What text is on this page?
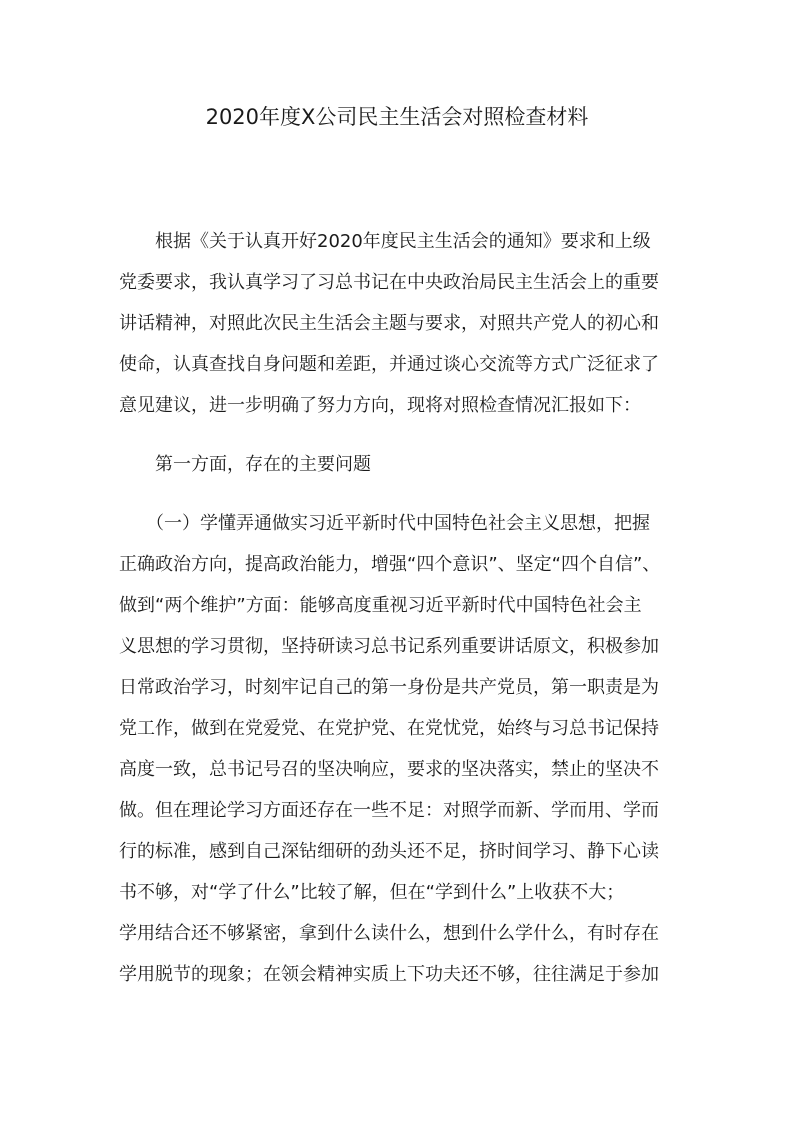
2020年度X公司民主生活会对照检查材料
　　根据《关于认真开好2020年度民主生活会的通知》要求和上级
党委要求，我认真学习了习总书记在中央政治局民主生活会上的重要
讲话精神，对照此次民主生活会主题与要求，对照共产党人的初心和
使命，认真查找自身问题和差距，并通过谈心交流等方式广泛征求了
意见建议，进一步明确了努力方向，现将对照检查情况汇报如下：
　　第一方面，存在的主要问题
　　（一）学懂弄通做实习近平新时代中国特色社会主义思想，把握
正确政治方向，提高政治能力，增强“四个意识”、坚定“四个自信”、
做到“两个维护”方面：能够高度重视习近平新时代中国特色社会主
义思想的学习贯彻，坚持研读习总书记系列重要讲话原文，积极参加
日常政治学习，时刻牢记自己的第一身份是共产党员，第一职责是为
党工作，做到在党爱党、在党护党、在党忧党，始终与习总书记保持
高度一致，总书记号召的坚决响应，要求的坚决落实，禁止的坚决不
做。但在理论学习方面还存在一些不足：对照学而新、学而用、学而
行的标准，感到自己深钻细研的劲头还不足，挤时间学习、静下心读
书不够，对“学了什么”比较了解，但在“学到什么”上收获不大；
学用结合还不够紧密，拿到什么读什么，想到什么学什么，有时存在
学用脱节的现象；在领会精神实质上下功夫还不够，往往满足于参加
